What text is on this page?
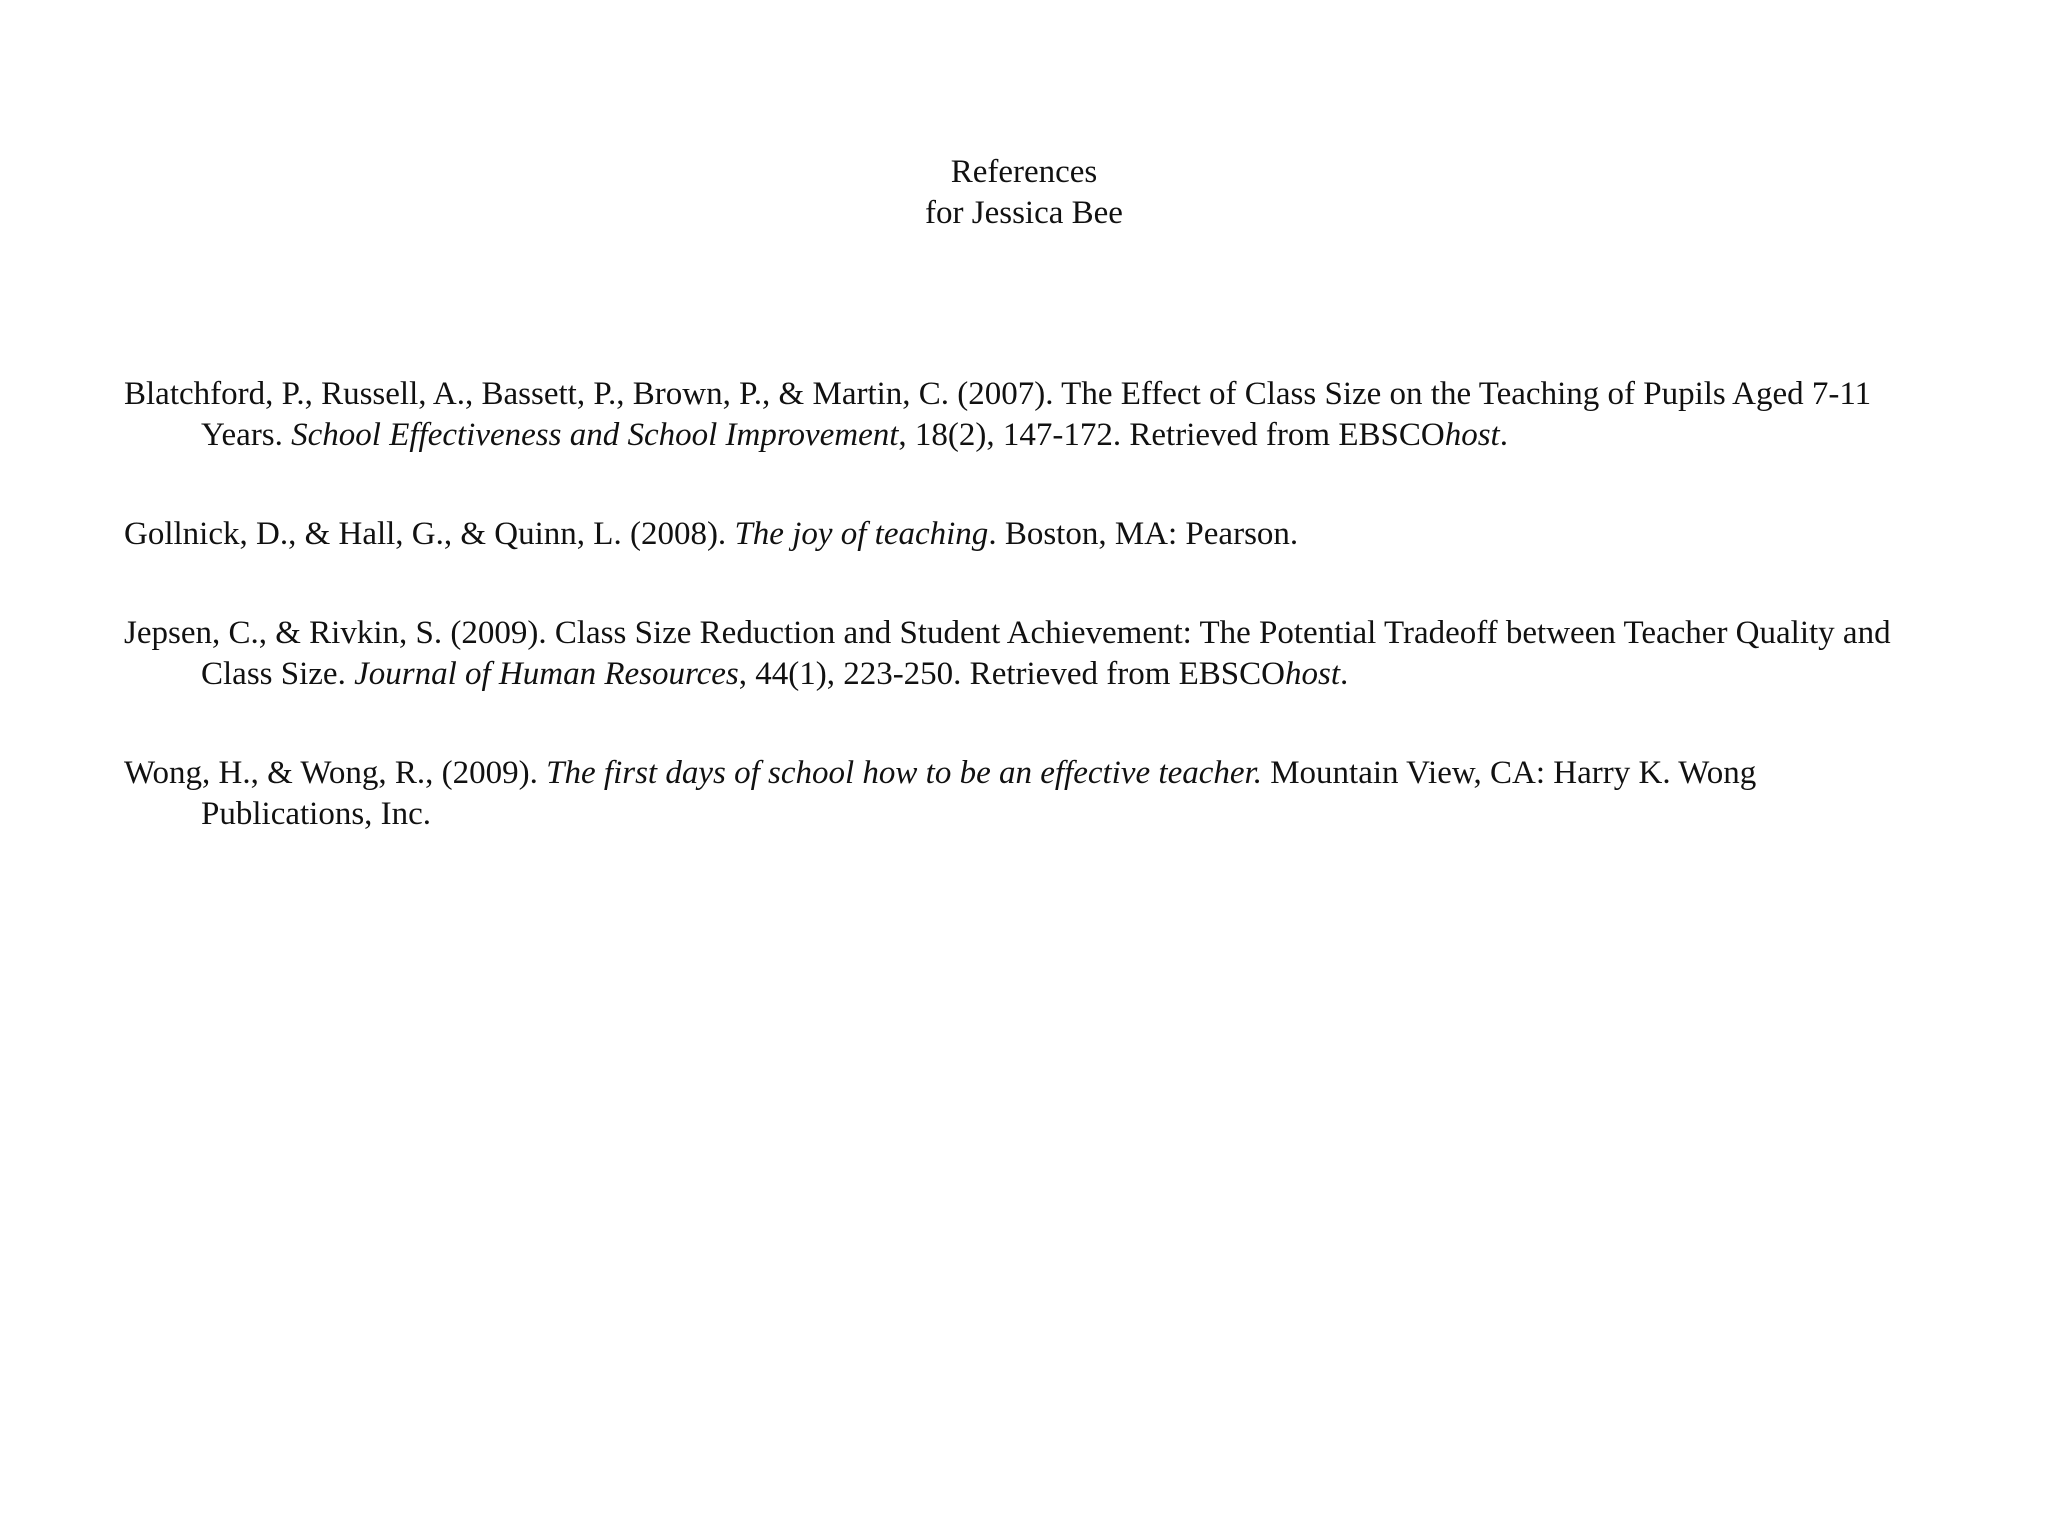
References
for Jessica Bee

Blatchford, P., Russell, A., Bassett, P., Brown, P., & Martin, C. (2007). The Effect of Class Size on the Teaching of Pupils Aged 7-11 Years. School Effectiveness and School Improvement, 18(2), 147-172. Retrieved from EBSCOhost.

Gollnick, D., & Hall, G., & Quinn, L. (2008). The joy of teaching. Boston, MA: Pearson.

Jepsen, C., & Rivkin, S. (2009). Class Size Reduction and Student Achievement: The Potential Tradeoff between Teacher Quality and Class Size. Journal of Human Resources, 44(1), 223-250. Retrieved from EBSCOhost.

Wong, H., & Wong, R., (2009). The first days of school how to be an effective teacher. Mountain View, CA: Harry K. Wong Publications, Inc.
